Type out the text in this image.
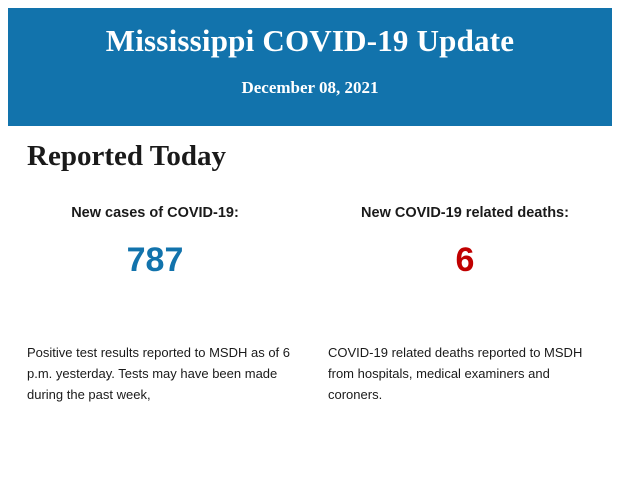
Mississippi COVID-19 Update
December 08, 2021
Reported Today
New cases of COVID-19:
787
New COVID-19 related deaths:
6
Positive test results reported to MSDH as of 6 p.m. yesterday. Tests may have been made during the past week,
COVID-19 related deaths reported to MSDH from hospitals, medical examiners and coroners.
